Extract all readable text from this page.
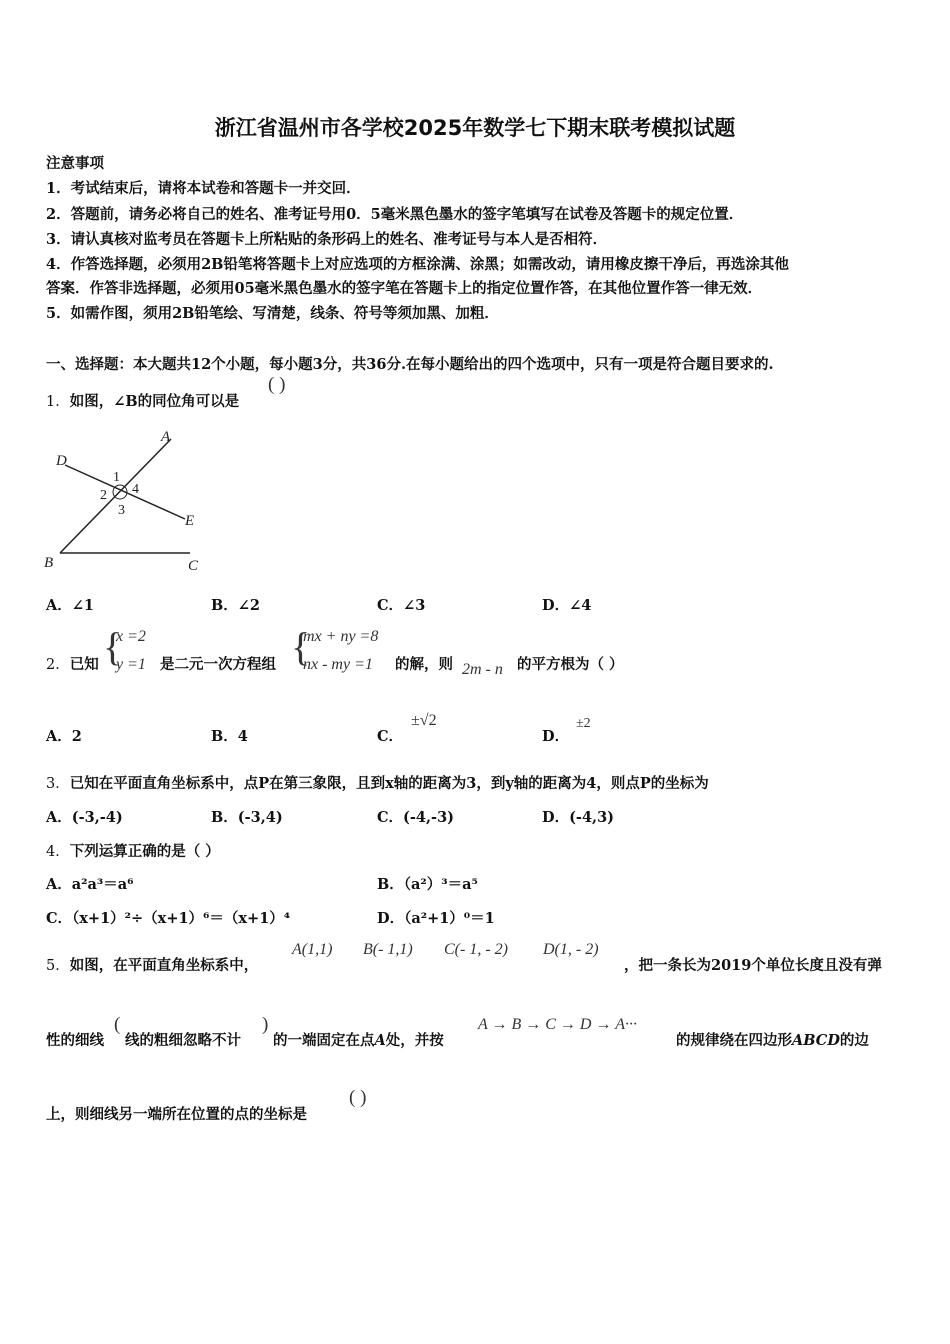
浙江省温州市各学校2025年数学七下期末联考模拟试题
注意事项
1．考试结束后，请将本试卷和答题卡一并交回．
2．答题前，请务必将自己的姓名、准考证号用0．5毫米黑色墨水的签字笔填写在试卷及答题卡的规定位置．
3．请认真核对监考员在答题卡上所粘贴的条形码上的姓名、准考证号与本人是否相符．
4．作答选择题，必须用2B铅笔将答题卡上对应选项的方框涂满、涂黑；如需改动，请用橡皮擦干净后，再选涂其他
答案．作答非选择题，必须用05毫米黑色墨水的签字笔在答题卡上的指定位置作答，在其他位置作答一律无效．
5．如需作图，须用2B铅笔绘、写清楚，线条、符号等须加黑、加粗．
一、选择题：本大题共12个小题，每小题3分，共36分.在每小题给出的四个选项中，只有一项是符合题目要求的.
1．如图，∠B的同位角可以是
( )
A
B	C
D
E
1
2
3
4
A．∠1	B．∠2	C．∠3	D．∠4
2．已知 {
x =2
y =1 是二元一次方程组 {
mx + ny =8
nx - my =1 的解，则 2m - n 的平方根为（ ）
A．2	B．4	C．
±√2
D．
±2
3．已知在平面直角坐标系中，点P在第三象限，且到x轴的距离为3，到y轴的距离为4，则点P的坐标为
A．(-3,-4)	B．(-3,4)	C．(-4,-3)	D．(-4,3)
4．下列运算正确的是（ ）
A．a²a³＝a⁶	B．（a²）³＝a⁵
C．（x+1）²÷（x+1）⁶＝（x+1）⁴	D．（a²+1）⁰＝1
5．如图，在平面直角坐标系中，
A(1,1) B(- 1,1) C(- 1, - 2) D(1, - 2)
，把一条长为2019个单位长度且没有弹
性的细线
(
线的粗细忽略不计
)
的一端固定在点A处，并按
A → B → C → D → A···
的规律绕在四边形ABCD的边
上，则细线另一端所在位置的点的坐标是
( )
